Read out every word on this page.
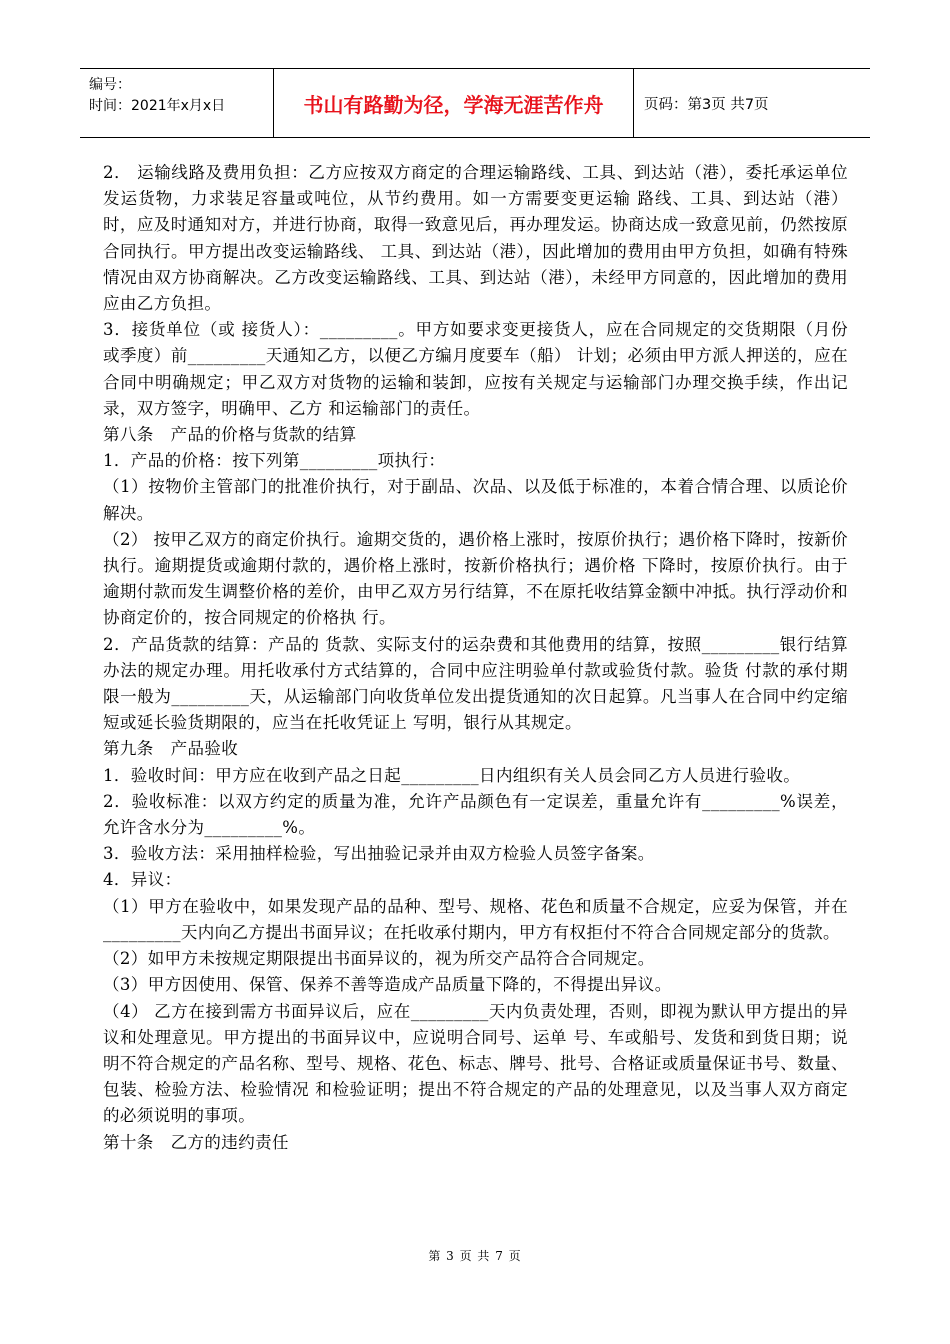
编号：
时间：2021年x月x日	书山有路勤为径，学海无涯苦作舟	页码：第3页 共7页

2． 运输线路及费用负担：乙方应按双方商定的合理运输路线、工具、到达站（港），委托承运单位发运货物，力求装足容量或吨位，从节约费用。如一方需要变更运输 路线、工具、到达站（港）时，应及时通知对方，并进行协商，取得一致意见后，再办理发运。协商达成一致意见前，仍然按原合同执行。甲方提出改变运输路线、 工具、到达站（港），因此增加的费用由甲方负担，如确有特殊情况由双方协商解决。乙方改变运输路线、工具、到达站（港），未经甲方同意的，因此增加的费用 应由乙方负担。

3．接货单位（或 接货人）：_________。甲方如要求变更接货人，应在合同规定的交货期限（月份或季度）前_________天通知乙方，以便乙方编月度要车（船） 计划；必须由甲方派人押送的，应在合同中明确规定；甲乙双方对货物的运输和装卸，应按有关规定与运输部门办理交换手续，作出记录，双方签字，明确甲、乙方 和运输部门的责任。

第八条　产品的价格与货款的结算

1．产品的价格：按下列第_________项执行：

（1）按物价主管部门的批准价执行，对于副品、次品、以及低于标准的，本着合情合理、以质论价解决。

（2） 按甲乙双方的商定价执行。逾期交货的，遇价格上涨时，按原价执行；遇价格下降时，按新价执行。逾期提货或逾期付款的，遇价格上涨时，按新价格执行；遇价格 下降时，按原价执行。由于逾期付款而发生调整价格的差价，由甲乙双方另行结算，不在原托收结算金额中冲抵。执行浮动价和协商定价的，按合同规定的价格执 行。

2．产品货款的结算：产品的 货款、实际支付的运杂费和其他费用的结算，按照_________银行结算办法的规定办理。用托收承付方式结算的，合同中应注明验单付款或验货付款。验货 付款的承付期限一般为_________天，从运输部门向收货单位发出提货通知的次日起算。凡当事人在合同中约定缩短或延长验货期限的，应当在托收凭证上 写明，银行从其规定。

第九条　产品验收

1．验收时间：甲方应在收到产品之日起_________日内组织有关人员会同乙方人员进行验收。

2．验收标准：以双方约定的质量为准，允许产品颜色有一定误差，重量允许有_________%误差，允许含水分为_________%。

3．验收方法：采用抽样检验，写出抽验记录并由双方检验人员签字备案。

4．异议：

（1）甲方在验收中，如果发现产品的品种、型号、规格、花色和质量不合规定，应妥为保管，并在_________天内向乙方提出书面异议；在托收承付期内，甲方有权拒付不符合合同规定部分的货款。

（2）如甲方未按规定期限提出书面异议的，视为所交产品符合合同规定。

（3）甲方因使用、保管、保养不善等造成产品质量下降的，不得提出异议。

（4） 乙方在接到需方书面异议后，应在_________天内负责处理，否则，即视为默认甲方提出的异议和处理意见。甲方提出的书面异议中，应说明合同号、运单 号、车或船号、发货和到货日期；说明不符合规定的产品名称、型号、规格、花色、标志、牌号、批号、合格证或质量保证书号、数量、包装、检验方法、检验情况 和检验证明；提出不符合规定的产品的处理意见，以及当事人双方商定的必须说明的事项。

第十条　乙方的违约责任

第 3 页 共 7 页
